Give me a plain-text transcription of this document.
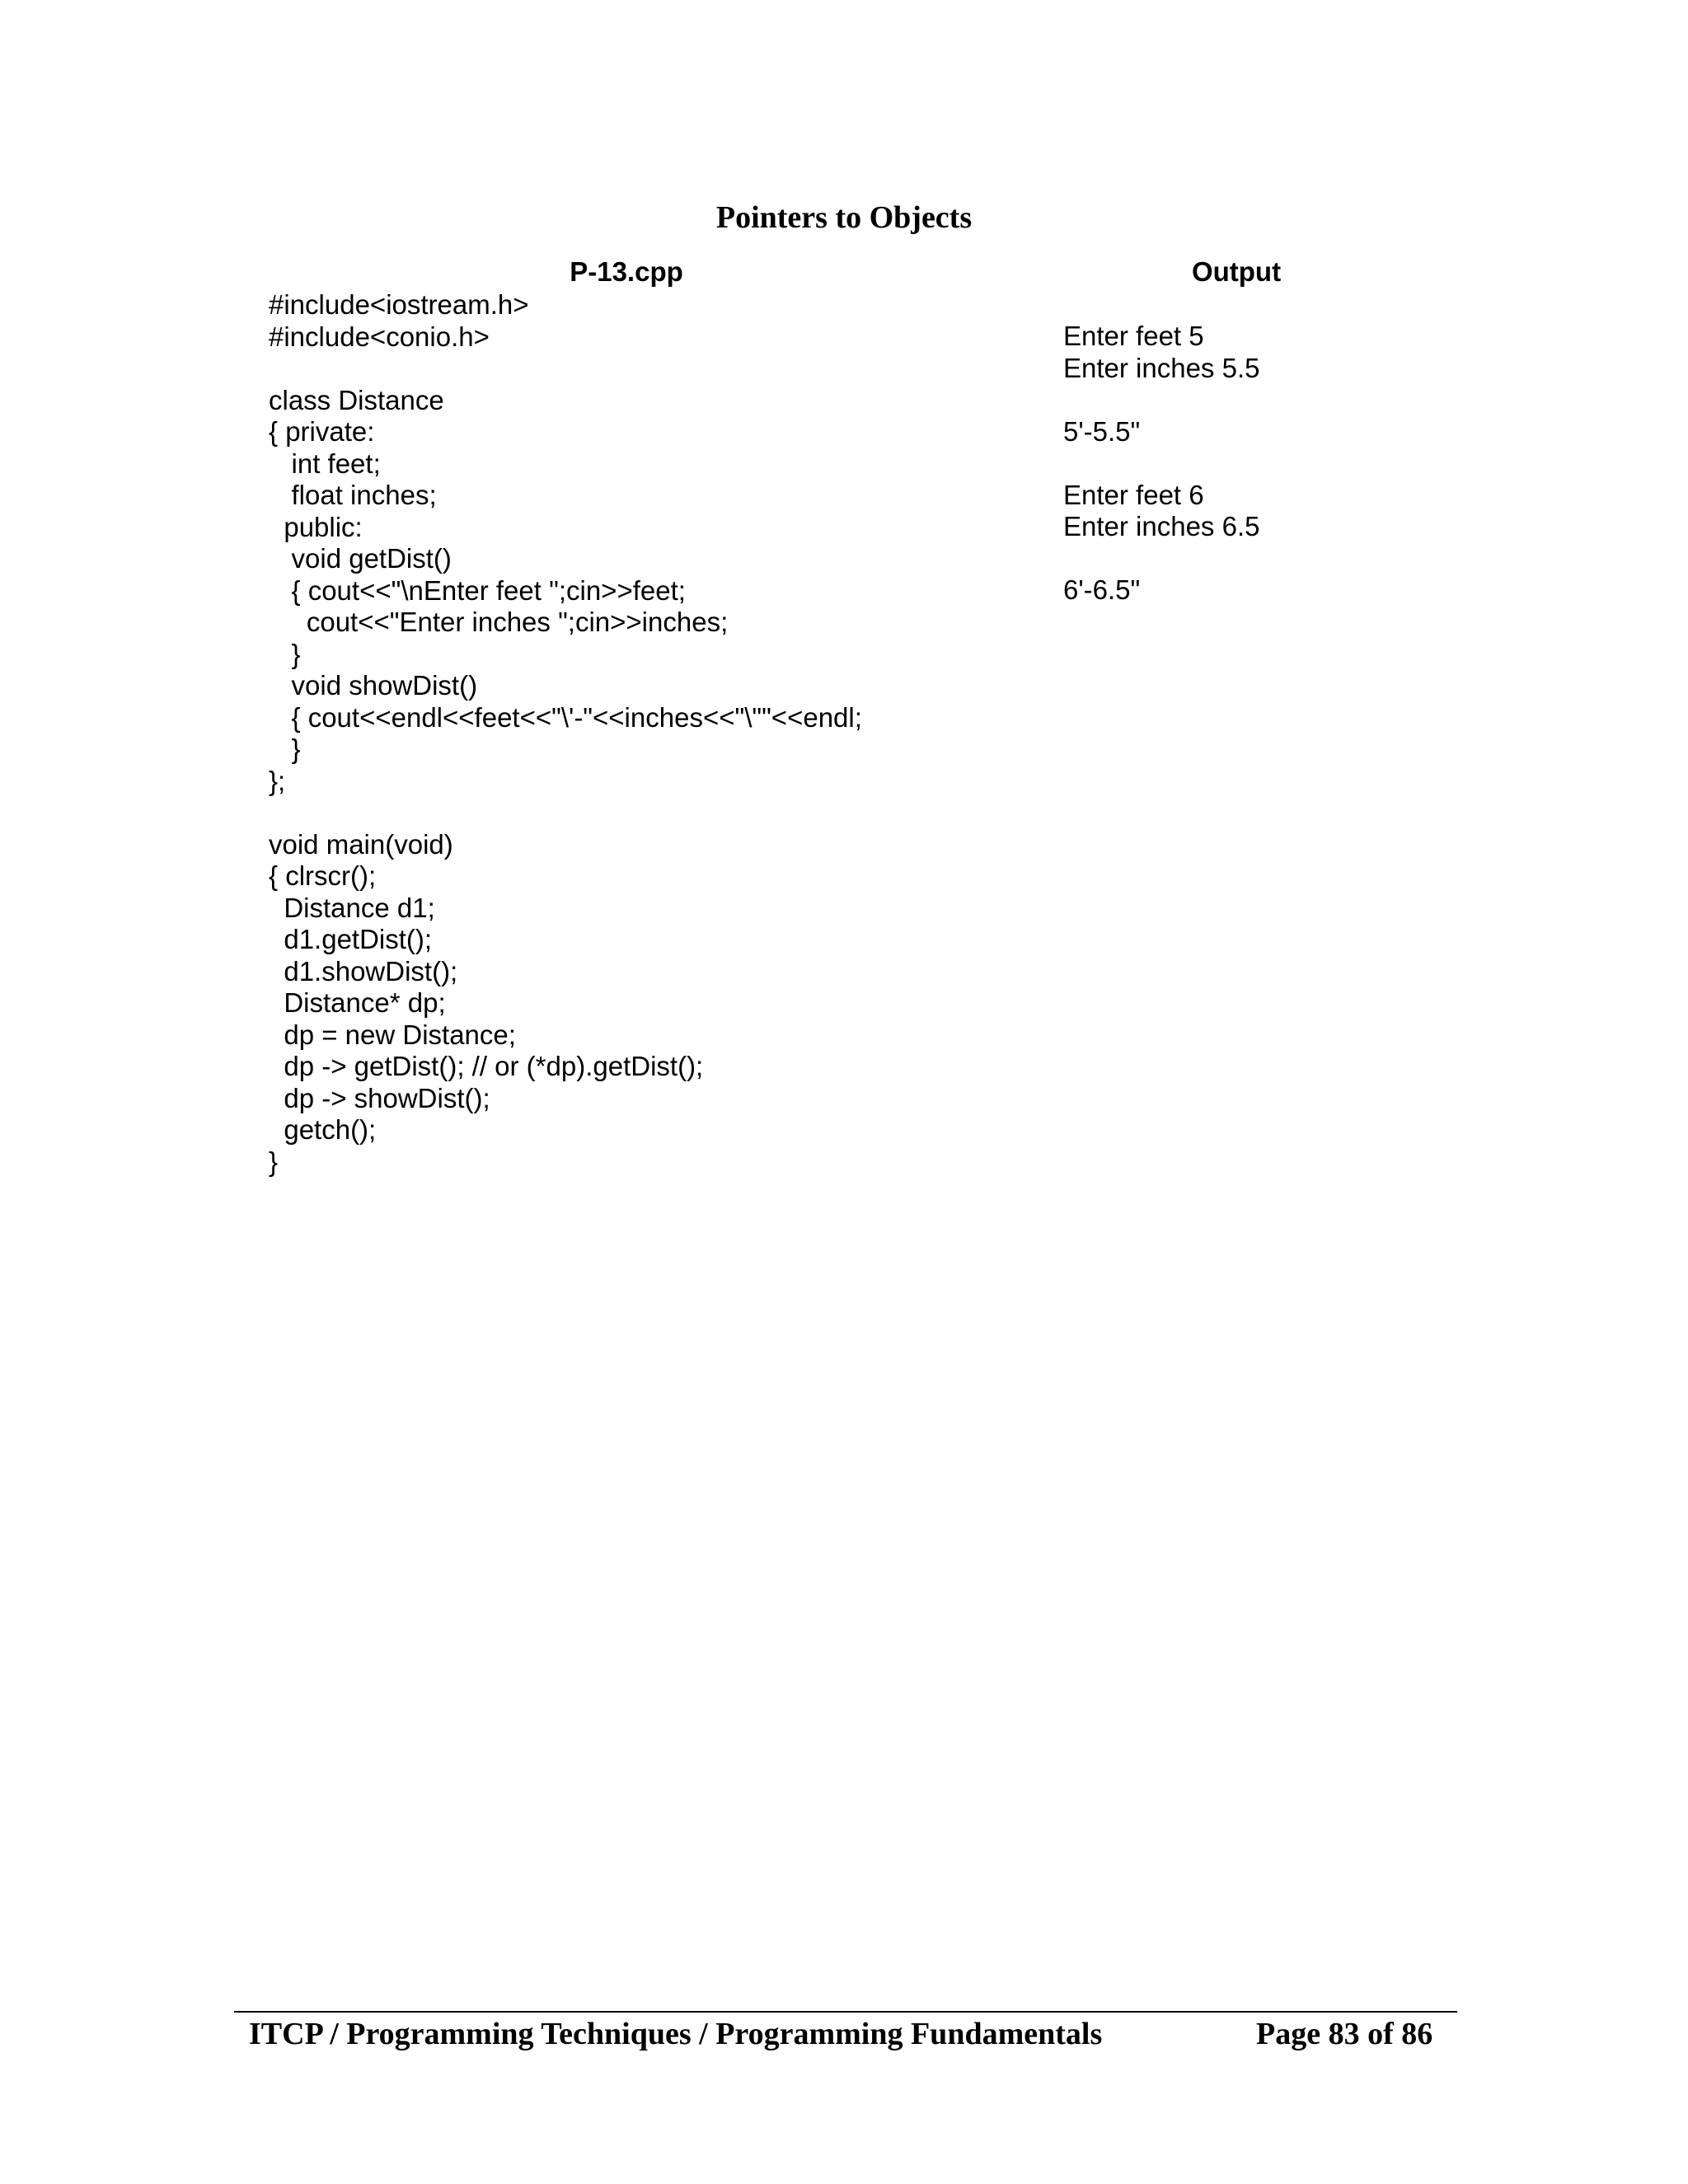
Pointers to Objects
P-13.cpp	Output
#include<iostream.h>
#include<conio.h>
class Distance
{ private:
int feet;
float inches;
public:
void getDist()
{ cout<<"\nEnter feet ";cin>>feet;
cout<<"Enter inches ";cin>>inches;
}
void showDist()
{ cout<<endl<<feet<<"\'-"<<inches<<"\""<<endl;
}
};
void main(void)
{ clrscr();
Distance d1;
d1.getDist();
d1.showDist();
Distance* dp;
dp = new Distance;
dp -> getDist(); // or (*dp).getDist();
dp -> showDist();
getch();
}
Enter feet 5
Enter inches 5.5
5'-5.5"
Enter feet 6
Enter inches 6.5
6'-6.5"
ITCP / Programming Techniques / Programming Fundamentals	Page 83 of 86
